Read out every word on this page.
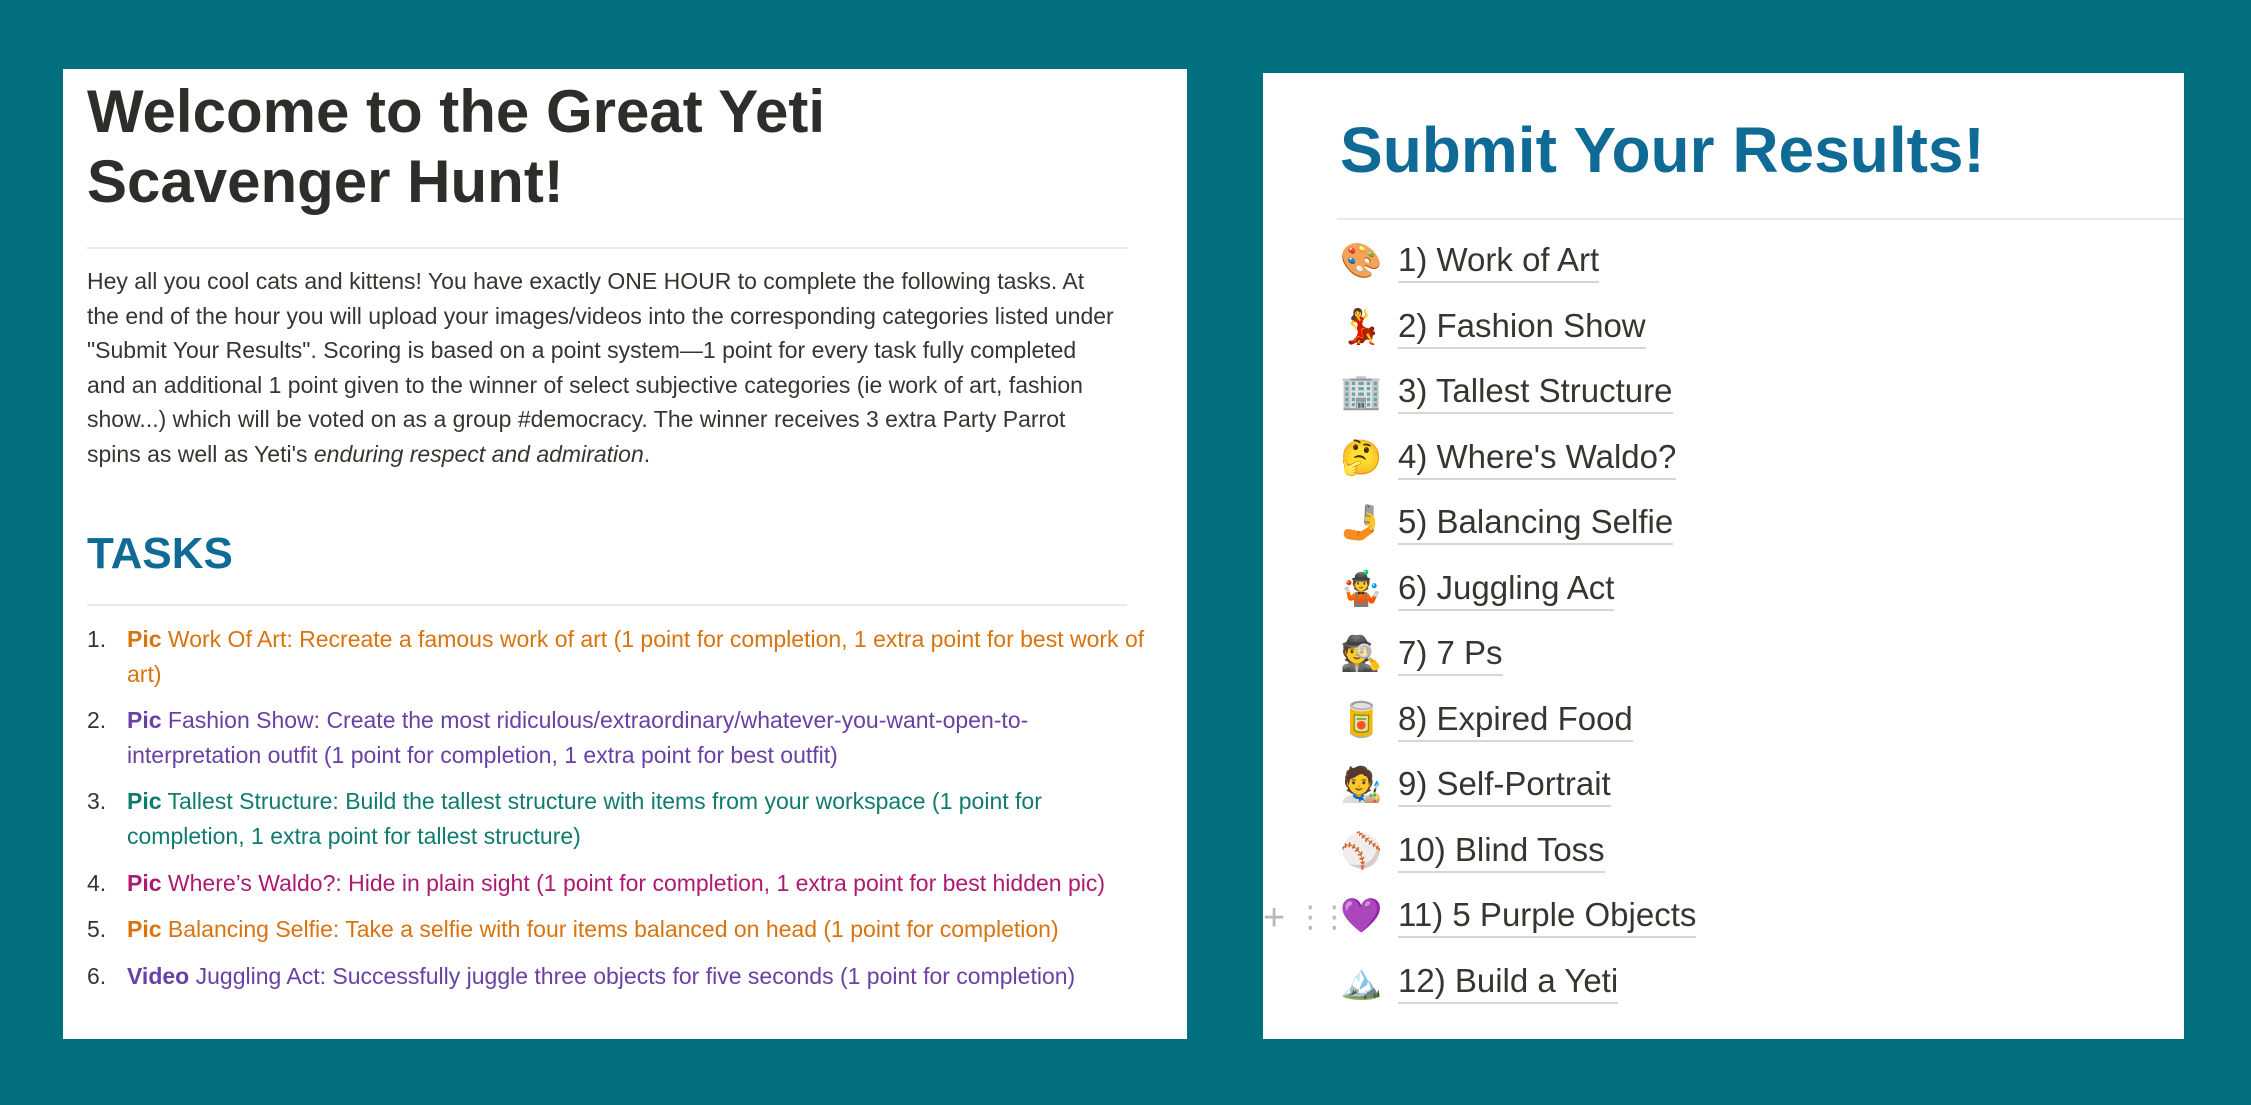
Welcome to the Great Yeti Scavenger Hunt!

Hey all you cool cats and kittens! You have exactly ONE HOUR to complete the following tasks. At the end of the hour you will upload your images/videos into the corresponding categories listed under "Submit Your Results". Scoring is based on a point system—1 point for every task fully completed and an additional 1 point given to the winner of select subjective categories (ie work of art, fashion show...) which will be voted on as a group #democracy. The winner receives 3 extra Party Parrot spins as well as Yeti's enduring respect and admiration.

TASKS
1. Pic Work Of Art: Recreate a famous work of art (1 point for completion, 1 extra point for best work of art)
2. Pic Fashion Show: Create the most ridiculous/extraordinary/whatever-you-want-open-to-interpretation outfit (1 point for completion, 1 extra point for best outfit)
3. Pic Tallest Structure: Build the tallest structure with items from your workspace (1 point for completion, 1 extra point for tallest structure)
4. Pic Where’s Waldo?: Hide in plain sight (1 point for completion, 1 extra point for best hidden pic)
5. Pic Balancing Selfie: Take a selfie with four items balanced on head (1 point for completion)
6. Video Juggling Act: Successfully juggle three objects for five seconds (1 point for completion)
Submit Your Results!
+ ⋮⋮
🎨 1) Work of Art
💃 2) Fashion Show
🏢 3) Tallest Structure
🤔 4) Where's Waldo?
🤳 5) Balancing Selfie
🤹 6) Juggling Act
🕵️ 7) 7 Ps
🥫 8) Expired Food
🧑‍🎨 9) Self-Portrait
⚾ 10) Blind Toss
💜 11) 5 Purple Objects
🏔️ 12) Build a Yeti
